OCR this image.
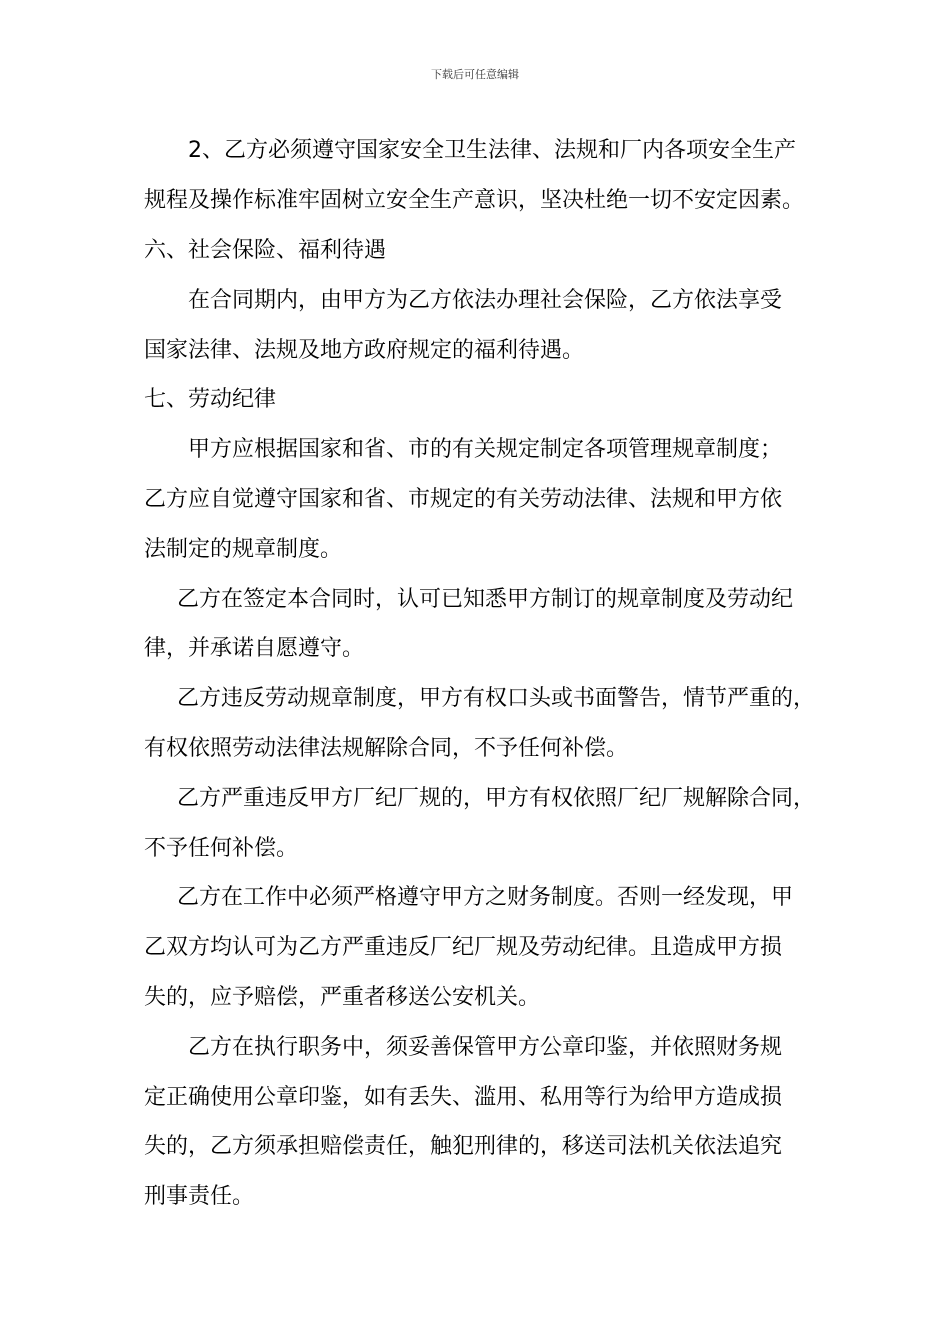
下载后可任意编辑
2、乙方必须遵守国家安全卫生法律、法规和厂内各项安全生产
规程及操作标准牢固树立安全生产意识，坚决杜绝一切不安定因素。
六、社会保险、福利待遇
在合同期内，由甲方为乙方依法办理社会保险，乙方依法享受
国家法律、法规及地方政府规定的福利待遇。
七、劳动纪律
甲方应根据国家和省、市的有关规定制定各项管理规章制度；
乙方应自觉遵守国家和省、市规定的有关劳动法律、法规和甲方依
法制定的规章制度。
乙方在签定本合同时，认可已知悉甲方制订的规章制度及劳动纪
律，并承诺自愿遵守。
乙方违反劳动规章制度，甲方有权口头或书面警告，情节严重的，
有权依照劳动法律法规解除合同，不予任何补偿。
乙方严重违反甲方厂纪厂规的，甲方有权依照厂纪厂规解除合同，
不予任何补偿。
乙方在工作中必须严格遵守甲方之财务制度。否则一经发现，甲
乙双方均认可为乙方严重违反厂纪厂规及劳动纪律。且造成甲方损
失的，应予赔偿，严重者移送公安机关。
乙方在执行职务中，须妥善保管甲方公章印鉴，并依照财务规
定正确使用公章印鉴，如有丢失、滥用、私用等行为给甲方造成损
失的，乙方须承担赔偿责任，触犯刑律的，移送司法机关依法追究
刑事责任。
